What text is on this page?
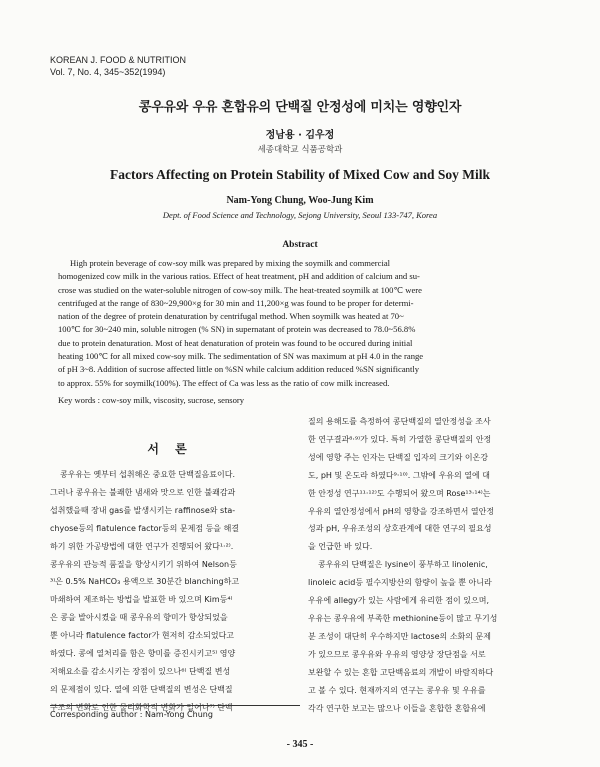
KOREAN J. FOOD & NUTRITION
Vol. 7, No. 4, 345~352(1994)
콩우유와 우유 혼합유의 단백질 안정성에 미치는 영향인자
정남용 · 김우정
세종대학교 식품공학과
Factors Affecting on Protein Stability of Mixed Cow and Soy Milk
Nam-Yong Chung, Woo-Jung Kim
Dept. of Food Science and Technology, Sejong University, Seoul 133-747, Korea
Abstract
High protein beverage of cow-soy milk was prepared by mixing the soymilk and commercial
homogenized cow milk in the various ratios. Effect of heat treatment, pH and addition of calcium and su-
crose was studied on the water-soluble nitrogen of cow-soy milk. The heat-treated soymilk at 100℃ were
centrifuged at the range of 830~29,900×g for 30 min and 11,200×g was found to be proper for determi-
nation of the degree of protein denaturation by centrifugal method. When soymilk was heated at 70~
100℃ for 30~240 min, soluble nitrogen (% SN) in supernatant of protein was decreased to 78.0~56.8%
due to protein denaturation. Most of heat denaturation of protein was found to be occured during initial
heating 100℃ for all mixed cow-soy milk. The sedimentation of SN was maximum at pH 4.0 in the range
of pH 3~8. Addition of sucrose affected little on %SN while calcium addition reduced %SN significantly
to approx. 55% for soymilk(100%). The effect of Ca was less as the ratio of cow milk increased.
Key words : cow-soy milk, viscosity, sucrose, sensory
서 론
콩우유는 옛부터 섭취해온 중요한 단백질음료이다.
그러나 콩우유는 불쾌한 냄새와 맛으로 인한 불쾌감과
섭취했을때 장내 gas를 발생시키는 raffinose와 sta-
chyose등의 flatulence factor등의 문제점 등을 해결
하기 위한 가공방법에 대한 연구가 진행되어 왔다¹·²⁾.
콩우유의 관능적 품질을 향상시키기 위하여 Nelson등
³⁾은 0.5% NaHCO₃ 용액으로 30분간 blanching하고
마쇄하여 제조하는 방법을 발표한 바 있으며 Kim등⁴⁾
은 콩을 발아시켰을 때 콩우유의 향미가 향상되었을
뿐 아니라 flatulence factor가 현저히 감소되었다고
하였다. 콩에 열처리를 함은 향미를 증진시키고⁵⁾ 영양
저해요소를 감소시키는 장점이 있으나⁶⁾ 단백질 변성
의 문제점이 있다. 열에 의한 단백질의 변성은 단백질
구조의 변화로 인한 물리화학적 변화가 일어나⁷⁾ 단백
질의 용해도를 측정하여 콩단백질의 열안정성을 조사
한 연구결과⁸·⁹⁾가 있다. 특히 가열한 콩단백질의 안정
성에 영향 주는 인자는 단백질 입자의 크기와 이온강
도, pH 및 온도라 하였다⁹·¹⁰⁾. 그밖에 우유의 열에 대
한 안정성 연구¹¹·¹²⁾도 수행되어 왔으며 Rose¹³·¹⁴⁾는
우유의 열안정성에서 pH의 영향을 강조하면서 열안정
성과 pH, 우유조성의 상호관계에 대한 연구의 필요성
을 언급한 바 있다.
콩우유의 단백질은 lysine이 풍부하고 linolenic,
linoleic acid등 필수지방산의 함량이 높을 뿐 아니라
우유에 allegy가 있는 사람에게 유리한 점이 있으며,
우유는 콩우유에 부족한 methionine등이 많고 무기성
분 조성이 대단히 우수하지만 lactose의 소화의 문제
가 있으므로 콩우유와 우유의 영양상 장단점을 서로
보완할 수 있는 혼합 고단백음료의 개발이 바람직하다
고 볼 수 있다. 현재까지의 연구는 콩우유 및 우유를
각각 연구한 보고는 많으나 이들을 혼합한 혼합유에
Corresponding author : Nam-Yong Chung
- 345 -
